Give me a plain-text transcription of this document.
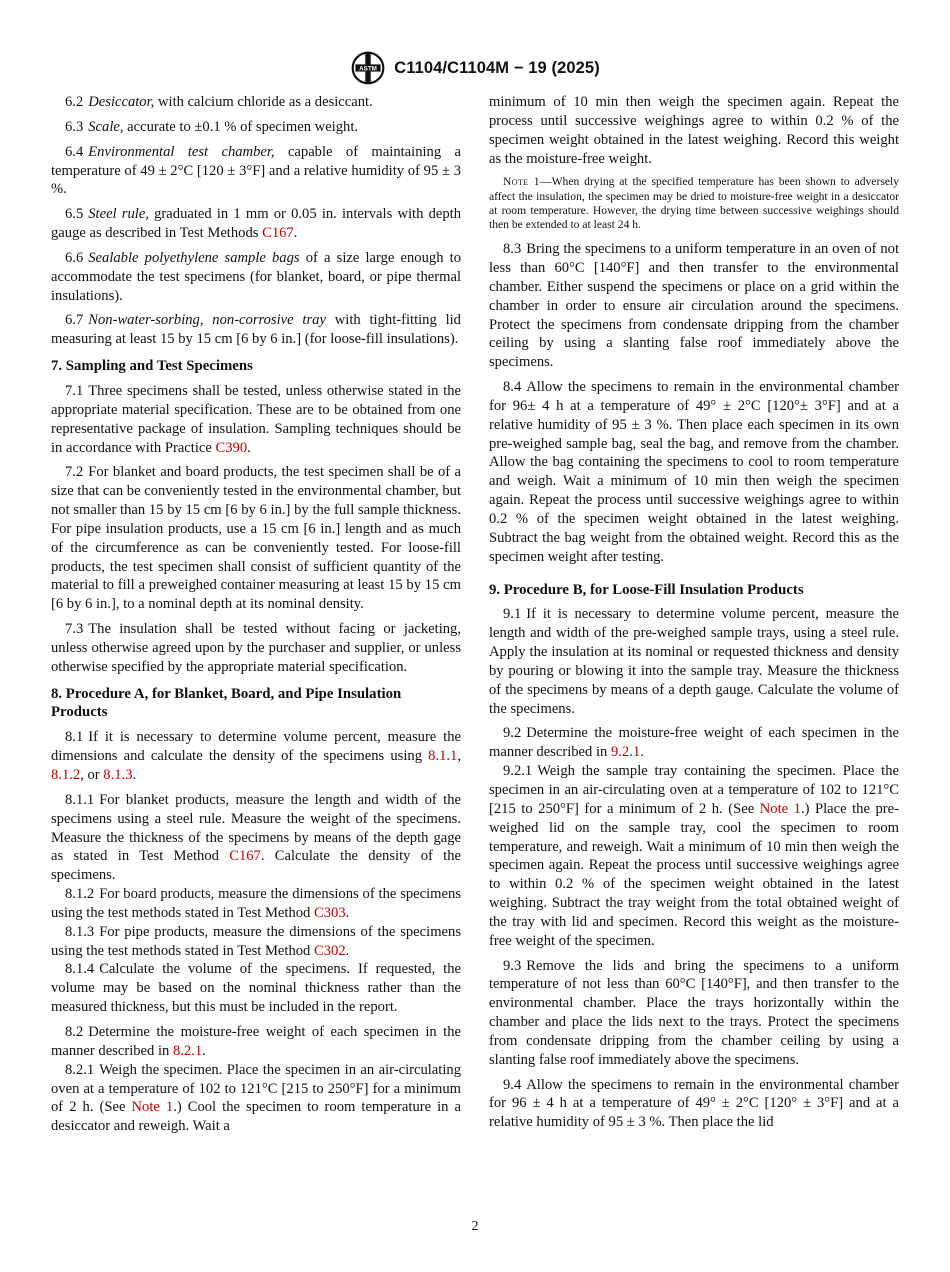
ASTM C1104/C1104M − 19 (2025)

6.2 Desiccator, with calcium chloride as a desiccant.

6.3 Scale, accurate to ±0.1 % of specimen weight.

6.4 Environmental test chamber, capable of maintaining a temperature of 49 ± 2°C [120 ± 3°F] and a relative humidity of 95 ± 3 %.

6.5 Steel rule, graduated in 1 mm or 0.05 in. intervals with depth gauge as described in Test Methods C167.

6.6 Sealable polyethylene sample bags of a size large enough to accommodate the test specimens (for blanket, board, or pipe thermal insulations).

6.7 Non-water-sorbing, non-corrosive tray with tight-fitting lid measuring at least 15 by 15 cm [6 by 6 in.] (for loose-fill insulations).

7. Sampling and Test Specimens

7.1 Three specimens shall be tested, unless otherwise stated in the appropriate material specification. These are to be obtained from one representative package of insulation. Sampling techniques should be in accordance with Practice C390.

7.2 For blanket and board products, the test specimen shall be of a size that can be conveniently tested in the environmental chamber, but not smaller than 15 by 15 cm [6 by 6 in.] by the full sample thickness. For pipe insulation products, use a 15 cm [6 in.] length and as much of the circumference as can be conveniently tested. For loose-fill products, the test specimen shall consist of sufficient quantity of the material to fill a preweighed container measuring at least 15 by 15 cm [6 by 6 in.], to a nominal depth at its nominal density.

7.3 The insulation shall be tested without facing or jacketing, unless otherwise agreed upon by the purchaser and supplier, or unless otherwise specified by the appropriate material specification.

8. Procedure A, for Blanket, Board, and Pipe Insulation Products

8.1 If it is necessary to determine volume percent, measure the dimensions and calculate the density of the specimens using 8.1.1, 8.1.2, or 8.1.3.

8.1.1 For blanket products, measure the length and width of the specimens using a steel rule. Measure the weight of the specimens. Measure the thickness of the specimens by means of the depth gage as stated in Test Method C167. Calculate the density of the specimens.

8.1.2 For board products, measure the dimensions of the specimens using the test methods stated in Test Method C303.

8.1.3 For pipe products, measure the dimensions of the specimens using the test methods stated in Test Method C302.

8.1.4 Calculate the volume of the specimens. If requested, the volume may be based on the nominal thickness rather than the measured thickness, but this must be included in the report.

8.2 Determine the moisture-free weight of each specimen in the manner described in 8.2.1.

8.2.1 Weigh the specimen. Place the specimen in an air-circulating oven at a temperature of 102 to 121°C [215 to 250°F] for a minimum of 2 h. (See Note 1.) Cool the specimen to room temperature in a desiccator and reweigh. Wait a

minimum of 10 min then weigh the specimen again. Repeat the process until successive weighings agree to within 0.2 % of the specimen weight obtained in the latest weighing. Record this weight as the moisture-free weight.

Note 1—When drying at the specified temperature has been shown to adversely affect the insulation, the specimen may be dried to moisture-free weight in a desiccator at room temperature. However, the drying time between successive weighings should then be extended to at least 24 h.

8.3 Bring the specimens to a uniform temperature in an oven of not less than 60°C [140°F] and then transfer to the environmental chamber. Either suspend the specimens or place on a grid within the chamber in order to ensure air circulation around the specimens. Protect the specimens from condensate dripping from the chamber ceiling by using a slanting false roof immediately above the specimens.

8.4 Allow the specimens to remain in the environmental chamber for 96± 4 h at a temperature of 49° ± 2°C [120°± 3°F] and at a relative humidity of 95 ± 3 %. Then place each specimen in its own pre-weighed sample bag, seal the bag, and remove from the chamber. Allow the bag containing the specimens to cool to room temperature and weigh. Wait a minimum of 10 min then weigh the specimen again. Repeat the process until successive weighings agree to within 0.2 % of the specimen weight obtained in the latest weighing. Subtract the bag weight from the obtained weight. Record this as the specimen weight after testing.

9. Procedure B, for Loose-Fill Insulation Products

9.1 If it is necessary to determine volume percent, measure the length and width of the pre-weighed sample trays, using a steel rule. Apply the insulation at its nominal or requested thickness and density by pouring or blowing it into the sample tray. Measure the thickness of the specimens by means of a depth gauge. Calculate the volume of the specimens.

9.2 Determine the moisture-free weight of each specimen in the manner described in 9.2.1.

9.2.1 Weigh the sample tray containing the specimen. Place the specimen in an air-circulating oven at a temperature of 102 to 121°C [215 to 250°F] for a minimum of 2 h. (See Note 1.) Place the pre-weighed lid on the sample tray, cool the specimen to room temperature, and reweigh. Wait a minimum of 10 min then weigh the specimen again. Repeat the process until successive weighings agree to within 0.2 % of the specimen weight obtained in the latest weighing. Subtract the tray weight from the total obtained weight of the tray with lid and specimen. Record this weight as the moisture-free weight of the specimen.

9.3 Remove the lids and bring the specimens to a uniform temperature of not less than 60°C [140°F], and then transfer to the environmental chamber. Place the trays horizontally within the chamber and place the lids next to the trays. Protect the specimens from condensate dripping from the chamber ceiling by using a slanting false roof immediately above the specimens.

9.4 Allow the specimens to remain in the environmental chamber for 96 ± 4 h at a temperature of 49° ± 2°C [120° ± 3°F] and at a relative humidity of 95 ± 3 %. Then place the lid

2
